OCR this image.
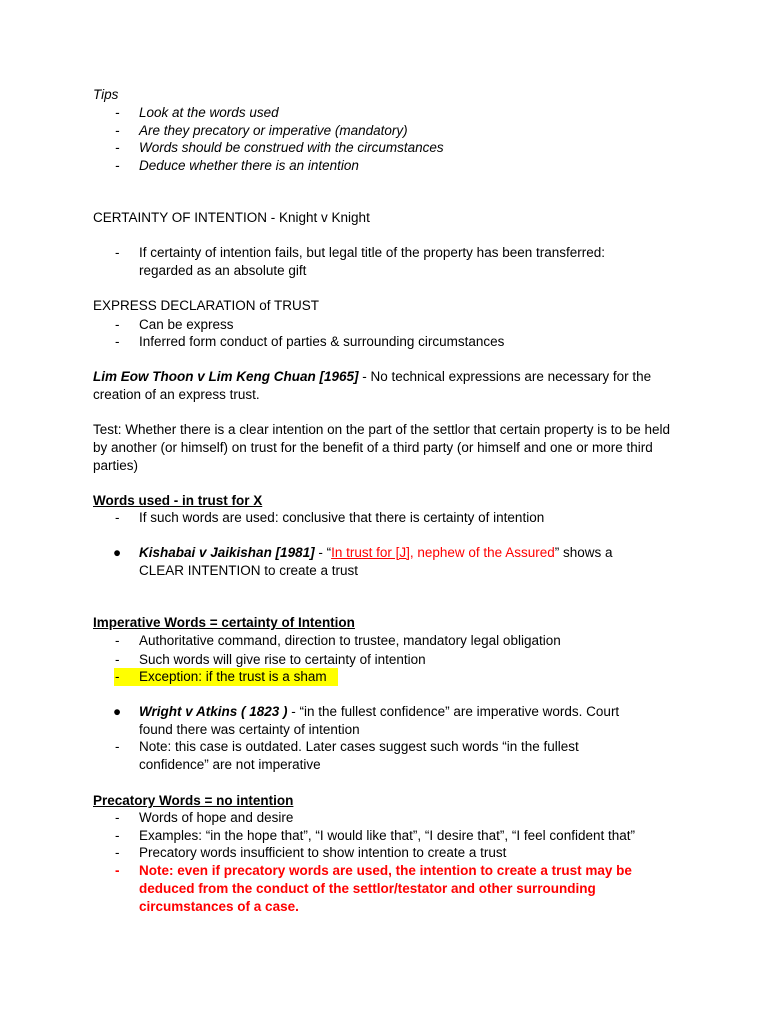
Tips
- Look at the words used
- Are they precatory or imperative (mandatory)
- Words should be construed with the circumstances
- Deduce whether there is an intention
CERTAINTY OF INTENTION - Knight v Knight
- If certainty of intention fails, but legal title of the property has been transferred: regarded as an absolute gift
EXPRESS DECLARATION of TRUST
- Can be express
- Inferred form conduct of parties & surrounding circumstances
Lim Eow Thoon v Lim Keng Chuan [1965] - No technical expressions are necessary for the creation of an express trust.
Test: Whether there is a clear intention on the part of the settlor that certain property is to be held by another (or himself) on trust for the benefit of a third party (or himself and one or more third parties)
Words used - in trust for X
- If such words are used: conclusive that there is certainty of intention
● Kishabai v Jaikishan [1981] - “In trust for [J], nephew of the Assured” shows a CLEAR INTENTION to create a trust
Imperative Words = certainty of Intention
- Authoritative command, direction to trustee, mandatory legal obligation
- Such words will give rise to certainty of intention
- Exception: if the trust is a sham
● Wright v Atkins ( 1823 ) - “in the fullest confidence” are imperative words. Court found there was certainty of intention
- Note: this case is outdated. Later cases suggest such words “in the fullest confidence” are not imperative
Precatory Words = no intention
- Words of hope and desire
- Examples: “in the hope that”, “I would like that”, “I desire that”, “I feel confident that”
- Precatory words insufficient to show intention to create a trust
- Note: even if precatory words are used, the intention to create a trust may be deduced from the conduct of the settlor/testator and other surrounding circumstances of a case.
